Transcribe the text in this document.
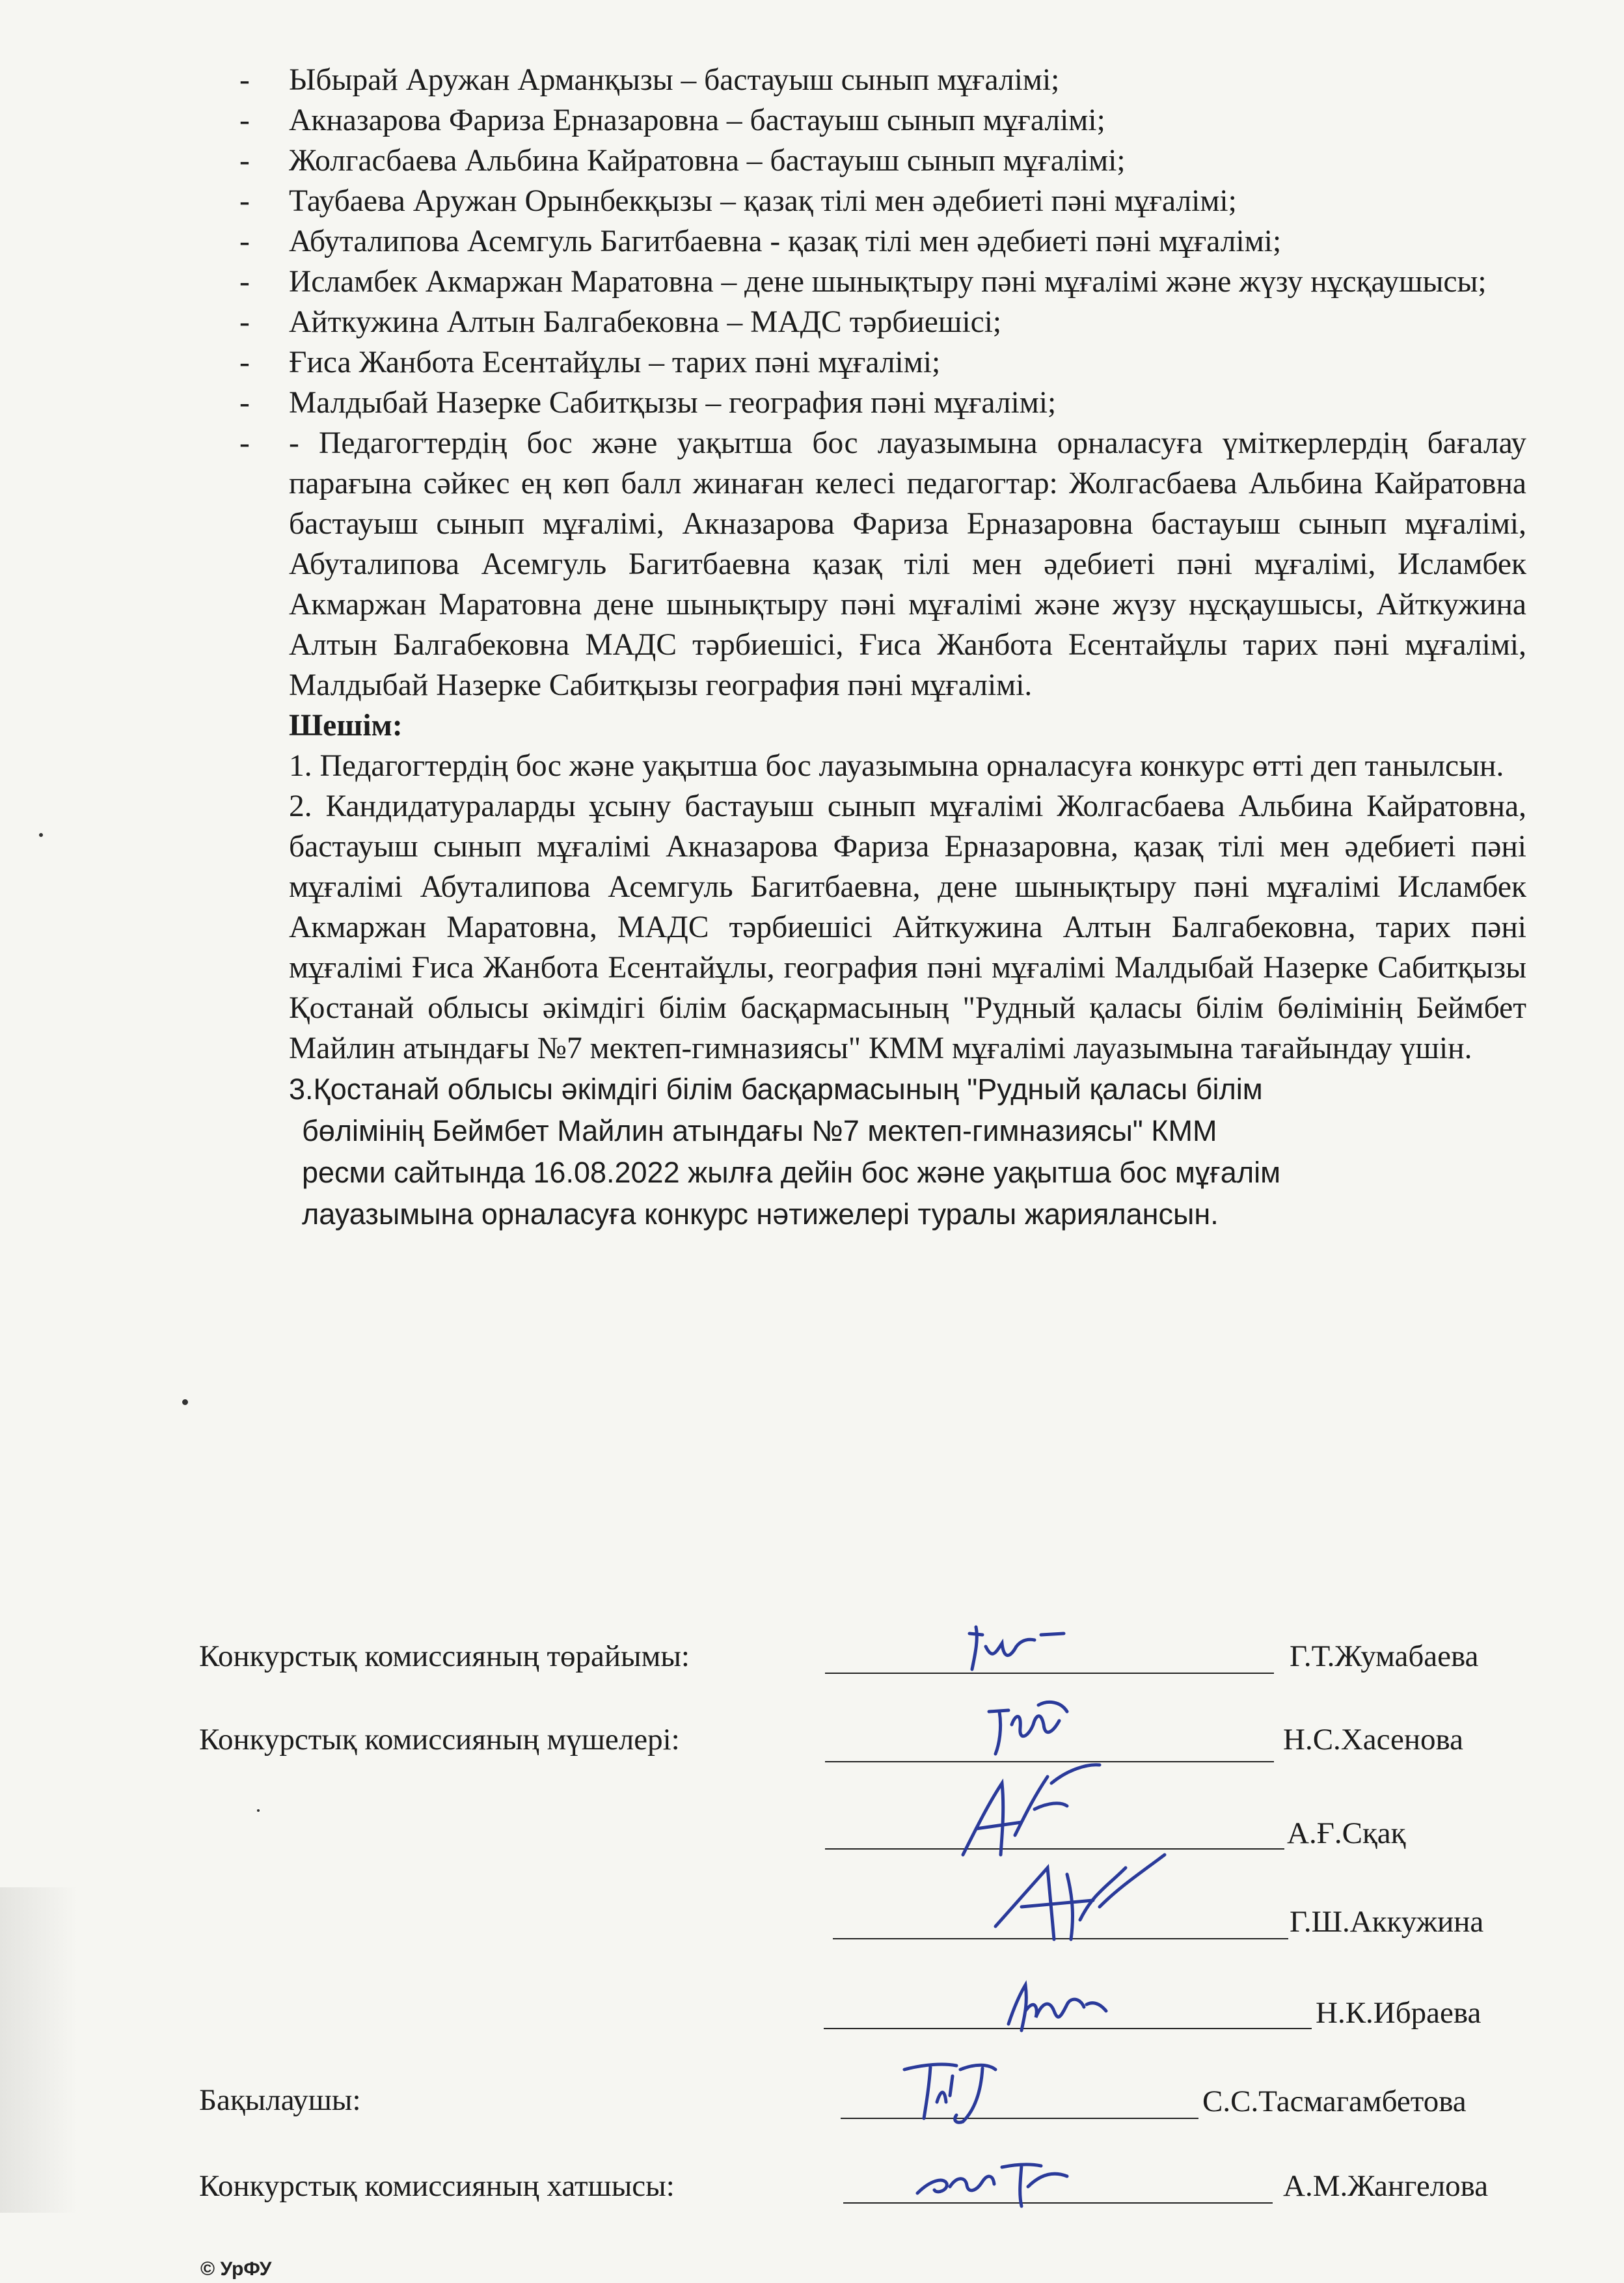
- Ыбырай Аружан Арманқызы – бастауыш сынып мұғалімі;
- Акназарова Фариза Ерназаровна – бастауыш сынып мұғалімі;
- Жолгасбаева Альбина Кайратовна – бастауыш сынып мұғалімі;
- Таубаева Аружан Орынбекқызы – қазақ тілі мен әдебиеті пәні мұғалімі;
- Абуталипова Асемгуль Багитбаевна - қазақ тілі мен әдебиеті пәні мұғалімі;
- Исламбек Акмаржан Маратовна – дене шынықтыру пәні мұғалімі және жүзу нұсқаушысы;
- Айткужина Алтын Балгабековна – МАДС тәрбиешісі;
- Ғиса Жанбота Есентайұлы – тарих пәні мұғалімі;
- Малдыбай Назерке Сабитқызы – география пәні мұғалімі;
- - Педагогтердің бос және уақытша бос лауазымына орналасуға үміткерлердің бағалау парағына сәйкес ең көп балл жинаған келесі педагогтар: Жолгасбаева Альбина Кайратовна бастауыш сынып мұғалімі, Акназарова Фариза Ерназаровна бастауыш сынып мұғалімі, Абуталипова Асемгуль Багитбаевна қазақ тілі мен әдебиеті пәні мұғалімі, Исламбек Акмаржан Маратовна дене шынықтыру пәні мұғалімі және жүзу нұсқаушысы, Айткужина Алтын Балгабековна МАДС тәрбиешісі, Ғиса Жанбота Есентайұлы тарих пәні мұғалімі, Малдыбай Назерке Сабитқызы география пәні мұғалімі.

Шешім:

1. Педагогтердің бос және уақытша бос лауазымына орналасуға конкурс өтті деп танылсын.
2. Кандидатураларды ұсыну бастауыш сынып мұғалімі Жолгасбаева Альбина Кайратовна, бастауыш сынып мұғалімі Акназарова Фариза Ерназаровна, қазақ тілі мен әдебиеті пәні мұғалімі Абуталипова Асемгуль Багитбаевна, дене шынықтыру пәні мұғалімі Исламбек Акмаржан Маратовна, МАДС тәрбиешісі Айткужина Алтын Балгабековна, тарих пәні мұғалімі Ғиса Жанбота Есентайұлы, география пәні мұғалімі Малдыбай Назерке Сабитқызы Қостанай облысы әкімдігі білім басқармасының "Рудный қаласы білім бөлімінің Беймбет Майлин атындағы №7 мектеп-гимназиясы" КММ мұғалімі лауазымына тағайындау үшін.
3.Қостанай облысы әкімдігі білім басқармасының "Рудный қаласы білім
бөлімінің Беймбет Майлин атындағы №7 мектеп-гимназиясы" КММ
ресми сайтында 16.08.2022 жылға дейін бос және уақытша бос мұғалім
лауазымына орналасуға конкурс нәтижелері туралы жариялансын.
Конкурстық комиссияның төрайымы:	Г.Т.Жумабаева
Конкурстық комиссияның мүшелері:	Н.С.Хасенова
А.Ғ.Сқақ
Г.Ш.Аккужина
Н.К.Ибраева
Бақылаушы:	С.С.Тасмагамбетова
Конкурстық комиссияның хатшысы:	А.М.Жангелова
© УрФУ
